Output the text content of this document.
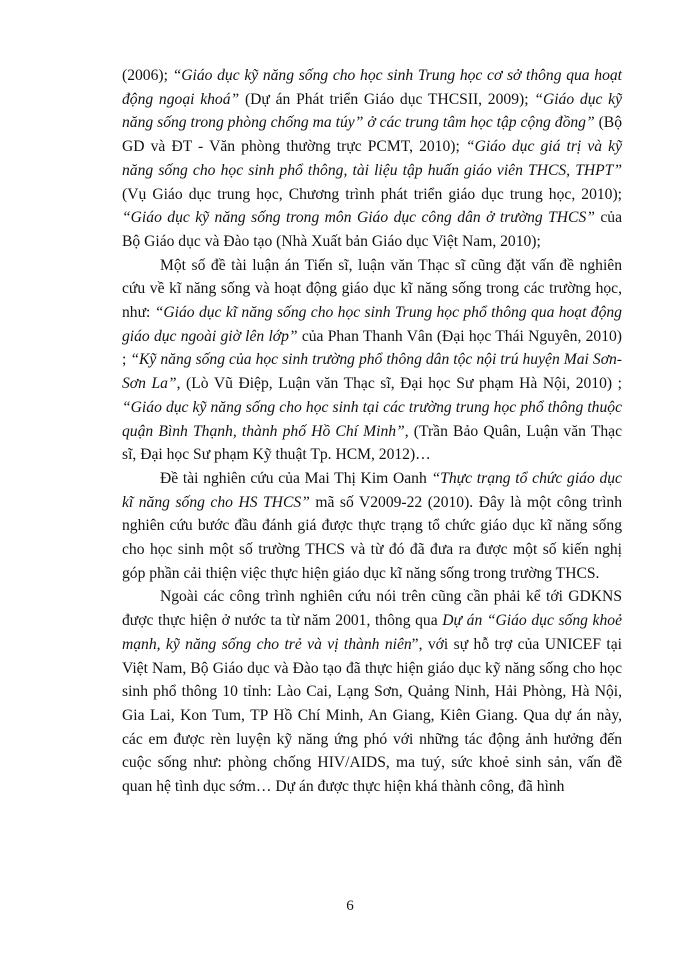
(2006); “Giáo dục kỹ năng sống cho học sinh Trung học cơ sở thông qua hoạt động ngoại khoá” (Dự án Phát triển Giáo dục THCSII, 2009); “Giáo dục kỹ năng sống trong phòng chống ma túy” ở các trung tâm học tập cộng đồng” (Bộ GD và ĐT - Văn phòng thường trực PCMT, 2010); “Giáo dục giá trị và kỹ năng sống cho học sinh phổ thông, tài liệu tập huấn giáo viên THCS, THPT” (Vụ Giáo dục trung học, Chương trình phát triển giáo dục trung học, 2010); “Giáo dục kỹ năng sống trong môn Giáo dục công dân ở trường THCS” của Bộ Giáo dục và Đào tạo (Nhà Xuất bản Giáo dục Việt Nam, 2010);

Một số đề tài luận án Tiến sĩ, luận văn Thạc sĩ cũng đặt vấn đề nghiên cứu về kĩ năng sống và hoạt động giáo dục kĩ năng sống trong các trường học, như: “Giáo dục kĩ năng sống cho học sinh Trung học phổ thông qua hoạt động giáo dục ngoài giờ lên lớp” của Phan Thanh Vân (Đại học Thái Nguyên, 2010) ; “Kỹ năng sống của học sinh trường phổ thông dân tộc nội trú huyện Mai Sơn- Sơn La”, (Lò Vũ Điệp, Luận văn Thạc sĩ, Đại học Sư phạm Hà Nội, 2010) ; “Giáo dục kỹ năng sống cho học sinh tại các trường trung học phổ thông thuộc quận Bình Thạnh, thành phố Hồ Chí Minh”, (Trần Bảo Quân, Luận văn Thạc sĩ, Đại học Sư phạm Kỹ thuật Tp. HCM, 2012)…

Đề tài nghiên cứu của Mai Thị Kim Oanh “Thực trạng tổ chức giáo dục kĩ năng sống cho HS THCS” mã số V2009-22 (2010). Đây là một công trình nghiên cứu bước đầu đánh giá được thực trạng tổ chức giáo dục kĩ năng sống cho học sinh một số trường THCS và từ đó đã đưa ra được một số kiến nghị góp phần cải thiện việc thực hiện giáo dục kĩ năng sống trong trường THCS.

Ngoài các công trình nghiên cứu nói trên cũng cần phải kể tới GDKNS được thực hiện ở nước ta từ năm 2001, thông qua Dự án “Giáo dục sống khoẻ mạnh, kỹ năng sống cho trẻ và vị thành niên”, với sự hỗ trợ của UNICEF tại Việt Nam, Bộ Giáo dục và Đào tạo đã thực hiện giáo dục kỹ năng sống cho học sinh phổ thông 10 tỉnh: Lào Cai, Lạng Sơn, Quảng Ninh, Hải Phòng, Hà Nội, Gia Lai, Kon Tum, TP Hồ Chí Minh, An Giang, Kiên Giang. Qua dự án này, các em được rèn luyện kỹ năng ứng phó với những tác động ảnh hưởng đến cuộc sống như: phòng chống HIV/AIDS, ma tuý, sức khoẻ sinh sản, vấn đề quan hệ tình dục sớm… Dự án được thực hiện khá thành công, đã hình

6
